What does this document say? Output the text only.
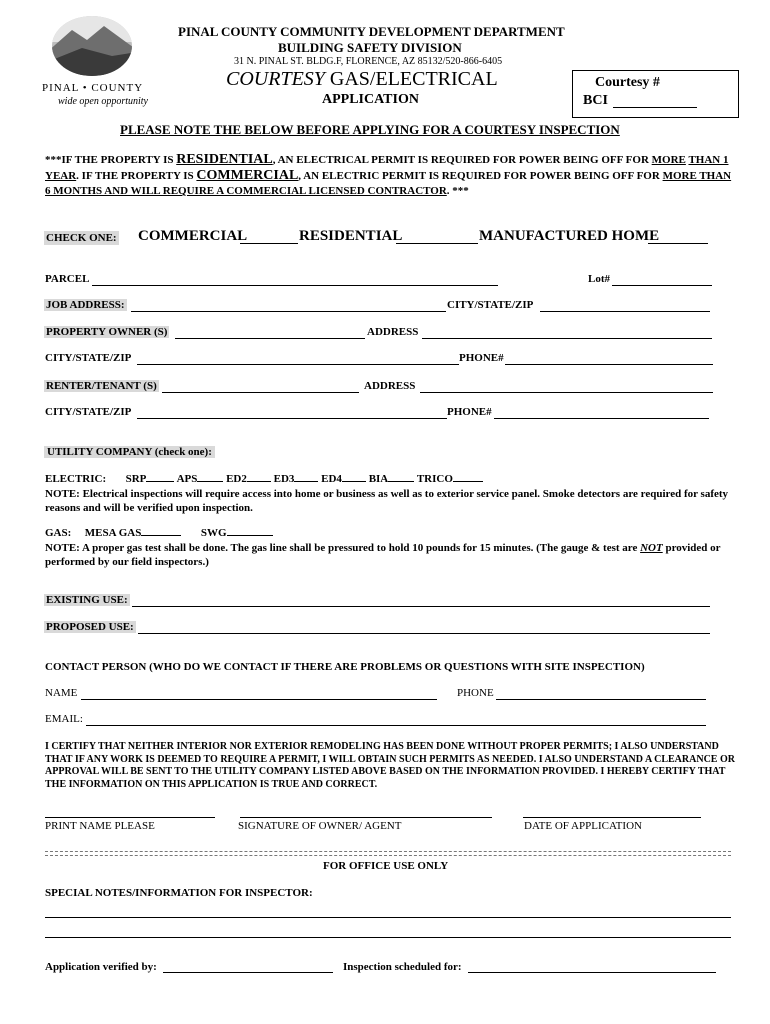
PINAL • COUNTY
wide open opportunity
PINAL COUNTY COMMUNITY DEVELOPMENT DEPARTMENT
BUILDING SAFETY DIVISION
31 N. PINAL ST. BLDG.F, FLORENCE, AZ 85132/520-866-6405
COURTESY GAS/ELECTRICAL
APPLICATION
Courtesy #
BCI
PLEASE NOTE THE BELOW BEFORE APPLYING FOR A COURTESY INSPECTION
***IF THE PROPERTY IS RESIDENTIAL, AN ELECTRICAL PERMIT IS REQUIRED FOR POWER BEING OFF FOR MORE THAN 1 YEAR. IF THE PROPERTY IS COMMERCIAL, AN ELECTRIC PERMIT IS REQUIRED FOR POWER BEING OFF FOR MORE THAN 6 MONTHS AND WILL REQUIRE A COMMERCIAL LICENSED CONTRACTOR. ***
CHECK ONE: COMMERCIAL	RESIDENTIAL	MANUFACTURED HOME
PARCEL	Lot#
JOB ADDRESS:	CITY/STATE/ZIP
PROPERTY OWNER (S)	ADDRESS
CITY/STATE/ZIP	PHONE#
RENTER/TENANT (S)	ADDRESS
CITY/STATE/ZIP	PHONE#
UTILITY COMPANY (check one):
ELECTRIC: SRP	APS	ED2 ED3 ED4 BIA	TRICO
NOTE: Electrical inspections will require access into home or business as well as to exterior service panel. Smoke detectors are required for safety reasons and will be verified upon inspection.
GAS: MESA GAS	SWG
NOTE: A proper gas test shall be done. The gas line shall be pressured to hold 10 pounds for 15 minutes. (The gauge & test are NOT provided or performed by our field inspectors.)
EXISTING USE:
PROPOSED USE:
CONTACT PERSON (WHO DO WE CONTACT IF THERE ARE PROBLEMS OR QUESTIONS WITH SITE INSPECTION)
NAME	PHONE
EMAIL:
I CERTIFY THAT NEITHER INTERIOR NOR EXTERIOR REMODELING HAS BEEN DONE WITHOUT PROPER PERMITS; I ALSO UNDERSTAND THAT IF ANY WORK IS DEEMED TO REQUIRE A PERMIT, I WILL OBTAIN SUCH PERMITS AS NEEDED. I ALSO UNDERSTAND A CLEARANCE OR APPROVAL WILL BE SENT TO THE UTILITY COMPANY LISTED ABOVE BASED ON THE INFORMATION PROVIDED. I HEREBY CERTIFY THAT THE INFORMATION ON THIS APPLICATION IS TRUE AND CORRECT.
PRINT NAME PLEASE	SIGNATURE OF OWNER/ AGENT	DATE OF APPLICATION
FOR OFFICE USE ONLY
SPECIAL NOTES/INFORMATION FOR INSPECTOR:
Application verified by:	Inspection scheduled for:
